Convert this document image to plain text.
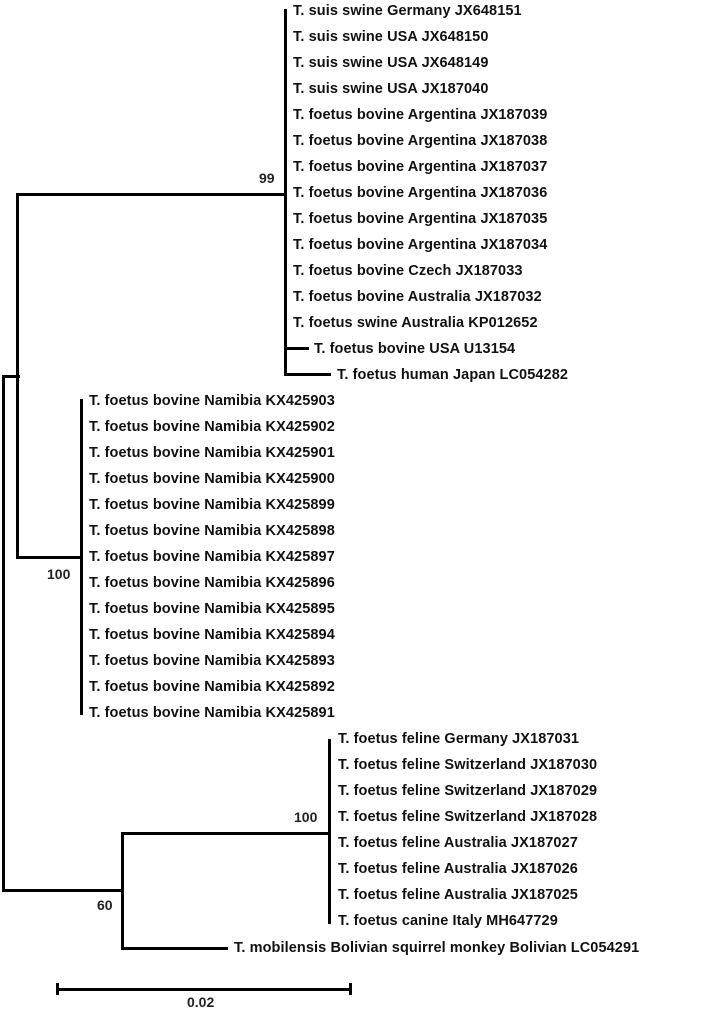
99
T. suis swine Germany JX648151
T. suis swine USA JX648150
T. suis swine USA JX648149
T. suis swine USA JX187040
T. foetus bovine Argentina JX187039
T. foetus bovine Argentina JX187038
T. foetus bovine Argentina JX187037
T. foetus bovine Argentina JX187036
T. foetus bovine Argentina JX187035
T. foetus bovine Argentina JX187034
T. foetus bovine Czech JX187033
T. foetus bovine Australia JX187032
T. foetus swine Australia KP012652
T. foetus bovine USA U13154
T. foetus human Japan LC054282
100
T. foetus bovine Namibia KX425903
T. foetus bovine Namibia KX425902
T. foetus bovine Namibia KX425901
T. foetus bovine Namibia KX425900
T. foetus bovine Namibia KX425899
T. foetus bovine Namibia KX425898
T. foetus bovine Namibia KX425897
T. foetus bovine Namibia KX425896
T. foetus bovine Namibia KX425895
T. foetus bovine Namibia KX425894
T. foetus bovine Namibia KX425893
T. foetus bovine Namibia KX425892
T. foetus bovine Namibia KX425891
100
T. foetus feline Germany JX187031
T. foetus feline Switzerland JX187030
T. foetus feline Switzerland JX187029
T. foetus feline Switzerland JX187028
T. foetus feline Australia JX187027
T. foetus feline Australia JX187026
T. foetus feline Australia JX187025
T. foetus canine Italy MH647729
60
T. mobilensis Bolivian squirrel monkey Bolivian LC054291
0.02
